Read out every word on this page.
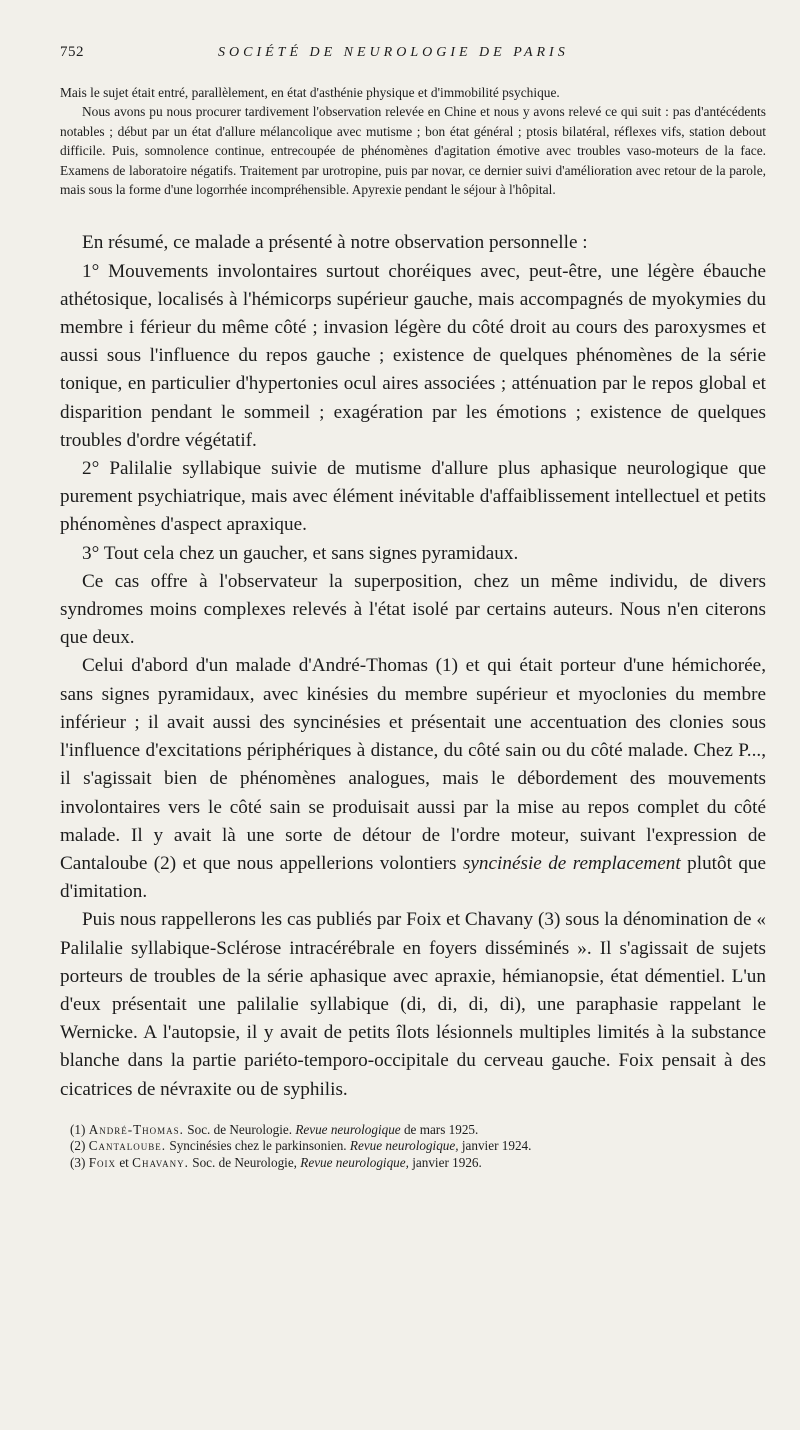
752	SOCIÉTÉ DE NEUROLOGIE DE PARIS

Mais le sujet était entré, parallèlement, en état d'asthénie physique et d'immobilité psychique.

Nous avons pu nous procurer tardivement l'observation relevée en Chine et nous y avons relevé ce qui suit : pas d'antécédents notables ; début par un état d'allure mélancolique avec mutisme ; bon état général ; ptosis bilatéral, réflexes vifs, station debout difficile. Puis, somnolence continue, entrecoupée de phénomènes d'agitation émotive avec troubles vaso-moteurs de la face. Examens de laboratoire négatifs. Traitement par urotropine, puis par novar, ce dernier suivi d'amélioration avec retour de la parole, mais sous la forme d'une logorrhée incompréhensible. Apyrexie pendant le séjour à l'hôpital.

En résumé, ce malade a présenté à notre observation personnelle :

1° Mouvements involontaires surtout choréiques avec, peut-être, une légère ébauche athétosique, localisés à l'hémicorps supérieur gauche, mais accompagnés de myokymies du membre i férieur du même côté ; invasion légère du côté droit au cours des paroxysmes et aussi sous l'influence du repos gauche ; existence de quelques phénomènes de la série tonique, en particulier d'hypertonies ocul aires associées ; atténuation par le repos global et disparition pendant le sommeil ; exagération par les émotions ; existence de quelques troubles d'ordre végétatif.

2° Palilalie syllabique suivie de mutisme d'allure plus aphasique neurologique que purement psychiatrique, mais avec élément inévitable d'affaiblissement intellectuel et petits phénomènes d'aspect apraxique.

3° Tout cela chez un gaucher, et sans signes pyramidaux.

Ce cas offre à l'observateur la superposition, chez un même individu, de divers syndromes moins complexes relevés à l'état isolé par certains auteurs. Nous n'en citerons que deux.

Celui d'abord d'un malade d'André-Thomas (1) et qui était porteur d'une hémichorée, sans signes pyramidaux, avec kinésies du membre supérieur et myoclonies du membre inférieur ; il avait aussi des syncinésies et présentait une accentuation des clonies sous l'influence d'excitations périphériques à distance, du côté sain ou du côté malade. Chez P..., il s'agissait bien de phénomènes analogues, mais le débordement des mouvements involontaires vers le côté sain se produisait aussi par la mise au repos complet du côté malade. Il y avait là une sorte de détour de l'ordre moteur, suivant l'expression de Cantaloube (2) et que nous appellerions volontiers syncinésie de remplacement plutôt que d'imitation.

Puis nous rappellerons les cas publiés par Foix et Chavany (3) sous la dénomination de « Palilalie syllabique-Sclérose intracérébrale en foyers disséminés ». Il s'agissait de sujets porteurs de troubles de la série aphasique avec apraxie, hémianopsie, état démentiel. L'un d'eux présentait une palilalie syllabique (di, di, di, di), une paraphasie rappelant le Wernicke. A l'autopsie, il y avait de petits îlots lésionnels multiples limités à la substance blanche dans la partie pariéto-temporo-occipitale du cerveau gauche. Foix pensait à des cicatrices de névraxite ou de syphilis.

(1) André-Thomas. Soc. de Neurologie. Revue neurologique de mars 1925.

(2) Cantaloube. Syncinésies chez le parkinsonien. Revue neurologique, janvier 1924.

(3) Foix et Chavany. Soc. de Neurologie, Revue neurologique, janvier 1926.
